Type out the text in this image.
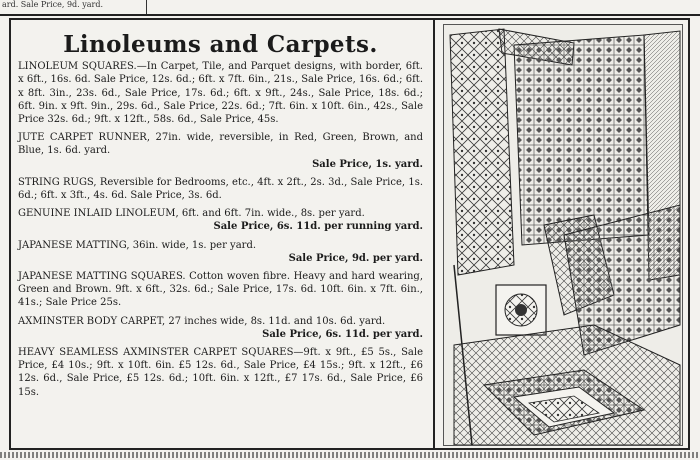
ard. Sale Price, 9d. yard.
Linoleums and Carpets.
LINOLEUM SQUARES.—In Carpet, Tile, and Parquet designs, with border, 6ft. x 6ft., 16s. 6d. Sale Price, 12s. 6d.; 6ft. x 7ft. 6in., 21s., Sale Price, 16s. 6d.; 6ft. x 8ft. 3in., 23s. 6d., Sale Price, 17s. 6d.; 6ft. x 9ft., 24s., Sale Price, 18s. 6d.; 6ft. 9in. x 9ft. 9in., 29s. 6d., Sale Price, 22s. 6d.; 7ft. 6in. x 10ft. 6in., 42s., Sale Price 32s. 6d.; 9ft. x 12ft., 58s. 6d., Sale Price, 45s.
JUTE CARPET RUNNER, 27in. wide, reversible, in Red, Green, Brown, and Blue, 1s. 6d. yard.
Sale Price, 1s. yard.
STRING RUGS, Reversible for Bedrooms, etc., 4ft. x 2ft., 2s. 3d., Sale Price, 1s. 6d.; 6ft. x 3ft., 4s. 6d. Sale Price, 3s. 6d.
GENUINE INLAID LINOLEUM, 6ft. and 6ft. 7in. wide., 8s. per yard.
Sale Price, 6s. 11d. per running yard.
JAPANESE MATTING, 36in. wide, 1s. per yard.
Sale Price, 9d. per yard.
JAPANESE MATTING SQUARES. Cotton woven fibre. Heavy and hard wearing, Green and Brown. 9ft. x 6ft., 32s. 6d.; Sale Price, 17s. 6d. 10ft. 6in. x 7ft. 6in., 41s.; Sale Price 25s.
AXMINSTER BODY CARPET, 27 inches wide, 8s. 11d. and 10s. 6d. yard.
Sale Price, 6s. 11d. per yard.
HEAVY SEAMLESS AXMINSTER CARPET SQUARES—9ft. x 9ft., £5 5s., Sale Price, £4 10s.; 9ft. x 10ft. 6in. £5 12s. 6d., Sale Price, £4 15s.; 9ft. x 12ft., £6 12s. 6d., Sale Price, £5 12s. 6d.; 10ft. 6in. x 12ft., £7 17s. 6d., Sale Price, £6 15s.
